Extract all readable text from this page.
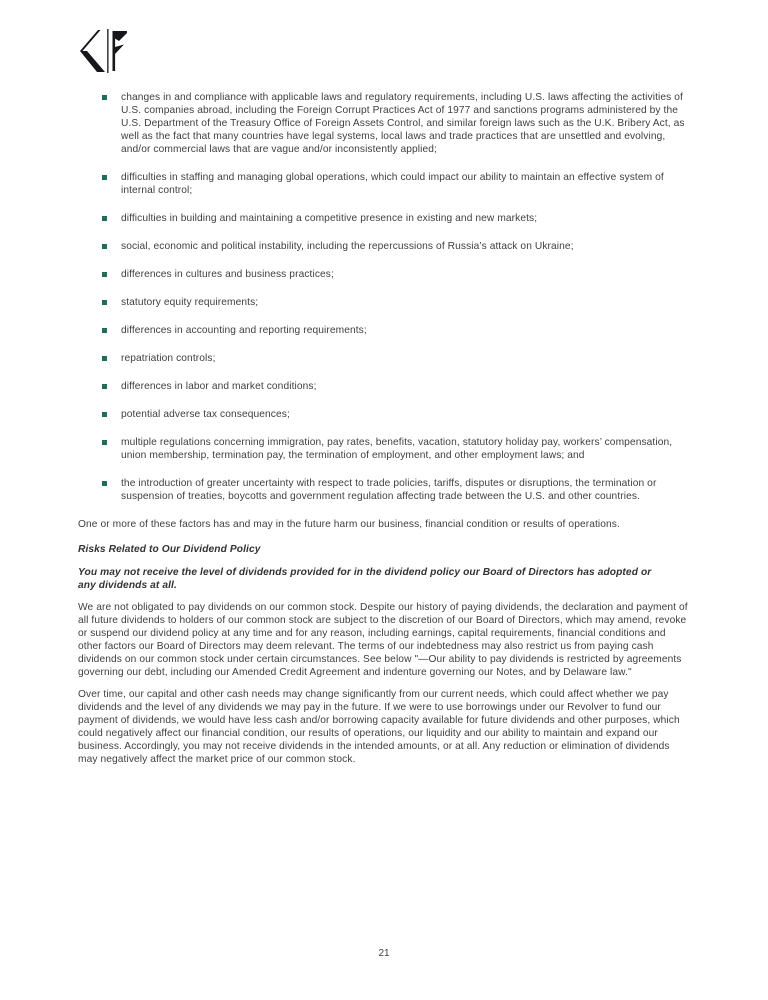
changes in and compliance with applicable laws and regulatory requirements, including U.S. laws affecting the activities of U.S. companies abroad, including the Foreign Corrupt Practices Act of 1977 and sanctions programs administered by the U.S. Department of the Treasury Office of Foreign Assets Control, and similar foreign laws such as the U.K. Bribery Act, as well as the fact that many countries have legal systems, local laws and trade practices that are unsettled and evolving, and/or commercial laws that are vague and/or inconsistently applied;
difficulties in staffing and managing global operations, which could impact our ability to maintain an effective system of internal control;
difficulties in building and maintaining a competitive presence in existing and new markets;
social, economic and political instability, including the repercussions of Russia’s attack on Ukraine;
differences in cultures and business practices;
statutory equity requirements;
differences in accounting and reporting requirements;
repatriation controls;
differences in labor and market conditions;
potential adverse tax consequences;
multiple regulations concerning immigration, pay rates, benefits, vacation, statutory holiday pay, workers’ compensation, union membership, termination pay, the termination of employment, and other employment laws; and
the introduction of greater uncertainty with respect to trade policies, tariffs, disputes or disruptions, the termination or suspension of treaties, boycotts and government regulation affecting trade between the U.S. and other countries.

One or more of these factors has and may in the future harm our business, financial condition or results of operations.

Risks Related to Our Dividend Policy
You may not receive the level of dividends provided for in the dividend policy our Board of Directors has adopted or any dividends at all.

We are not obligated to pay dividends on our common stock. Despite our history of paying dividends, the declaration and payment of all future dividends to holders of our common stock are subject to the discretion of our Board of Directors, which may amend, revoke or suspend our dividend policy at any time and for any reason, including earnings, capital requirements, financial conditions and other factors our Board of Directors may deem relevant. The terms of our indebtedness may also restrict us from paying cash dividends on our common stock under certain circumstances. See below "—Our ability to pay dividends is restricted by agreements governing our debt, including our Amended Credit Agreement and indenture governing our Notes, and by Delaware law."

Over time, our capital and other cash needs may change significantly from our current needs, which could affect whether we pay dividends and the level of any dividends we may pay in the future. If we were to use borrowings under our Revolver to fund our payment of dividends, we would have less cash and/or borrowing capacity available for future dividends and other purposes, which could negatively affect our financial condition, our results of operations, our liquidity and our ability to maintain and expand our business. Accordingly, you may not receive dividends in the intended amounts, or at all. Any reduction or elimination of dividends may negatively affect the market price of our common stock.

21
